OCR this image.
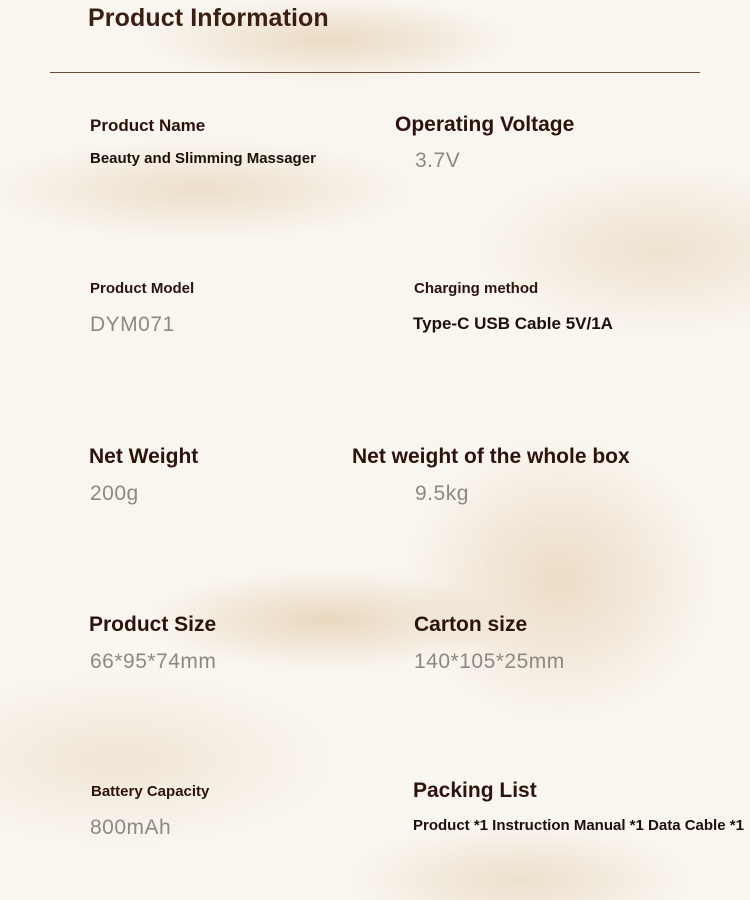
Product Information
Product Name
Beauty and Slimming Massager
Operating Voltage
3.7V
Product Model
DYM071
Charging method
Type-C USB Cable 5V/1A
Net Weight
200g
Net weight of the whole box
9.5kg
Product Size
66*95*74mm
Carton size
140*105*25mm
Battery Capacity
800mAh
Packing List
Product *1 Instruction Manual *1 Data Cable *1
